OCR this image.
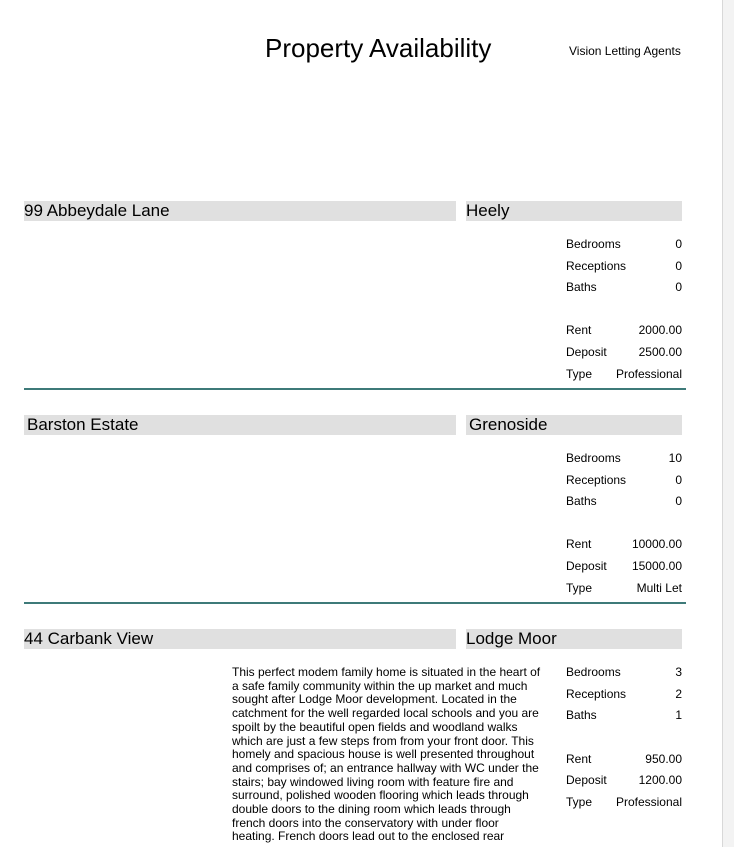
Property Availability	Vision Letting Agents
99 Abbeydale Lane	Heely
Bedrooms	0
Receptions	0
Baths	0
Rent	2000.00
Deposit	2500.00
Type Professional
Barston Estate	Grenoside
Bedrooms	10
Receptions	0
Baths	0
Rent	10000.00
Deposit 15000.00
Type	Multi Let
44 Carbank View	Lodge Moor
This perfect modem family home is situated in the heart of a safe family community within the up market and much sought after Lodge Moor development. Located in the catchment for the well regarded local schools and you are spoilt by the beautiful open fields and woodland walks which are just a few steps from from your front door. This homely and spacious house is well presented throughout and comprises of; an entrance hallway with WC under the stairs; bay windowed living room with feature fire and surround, polished wooden flooring which leads through double doors to the dining room which leads through french doors into the conservatory with under floor heating. French doors lead out to the enclosed rear
Bedrooms	3
Receptions	2
Baths	1
Rent	950.00
Deposit	1200.00
Type Professional
